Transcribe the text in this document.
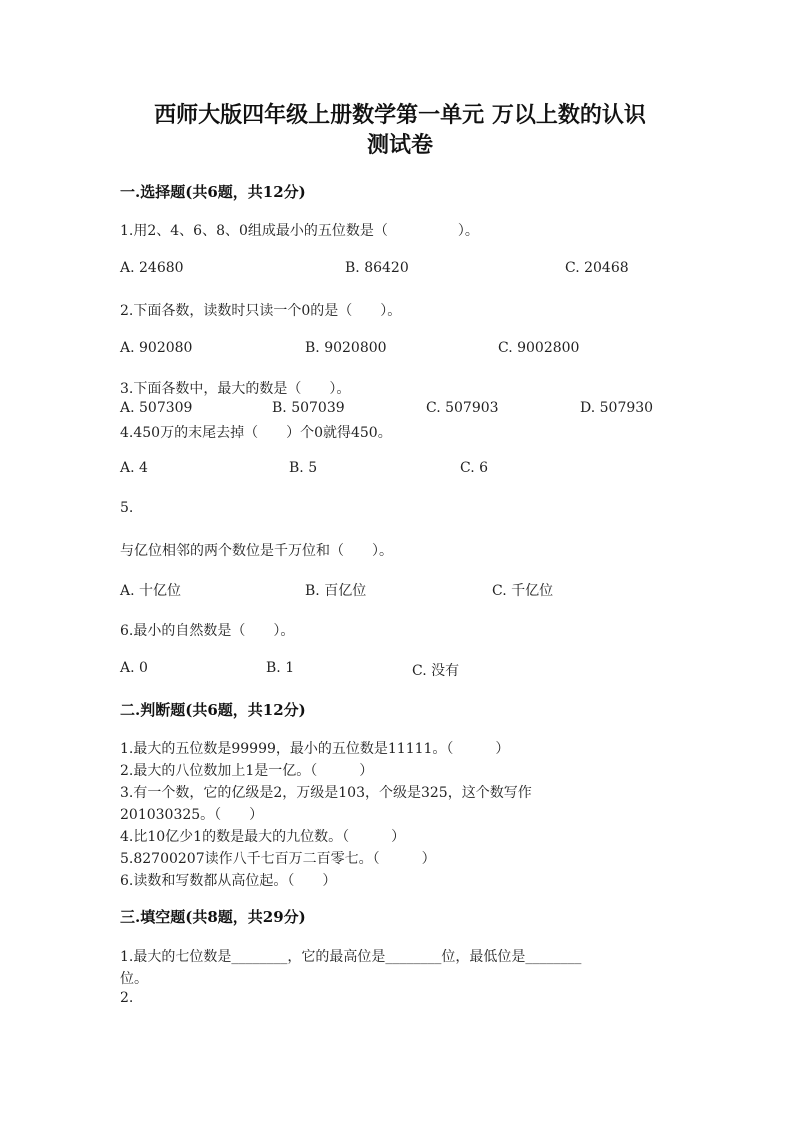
西师大版四年级上册数学第一单元 万以上数的认识
测试卷
一.选择题(共6题，共12分)
1.用2、4、6、8、0组成最小的五位数是（　　　　　）。
A. 24680	B. 86420	C. 20468
2.下面各数，读数时只读一个0的是（　　）。
A. 902080	B. 9020800	C. 9002800
3.下面各数中，最大的数是（　　）。
A. 507309	B. 507039	C. 507903	D. 507930
4.450万的末尾去掉（　　）个0就得450。
A. 4	B. 5	C. 6
5.
与亿位相邻的两个数位是千万位和（　　）。
A. 十亿位	B. 百亿位	C. 千亿位
6.最小的自然数是（　　）。
A. 0	B. 1	C. 没有
二.判断题(共6题，共12分)
1.最大的五位数是99999，最小的五位数是11111。（　　　）
2.最大的八位数加上1是一亿。（　　　）
3.有一个数，它的亿级是2，万级是103，个级是325，这个数写作
201030325。（　　）
4.比10亿少1的数是最大的九位数。（　　　）
5.82700207读作八千七百万二百零七。（　　　）
6.读数和写数都从高位起。（　　）
三.填空题(共8题，共29分)
1.最大的七位数是________，它的最高位是________位，最低位是________
位。
2.
